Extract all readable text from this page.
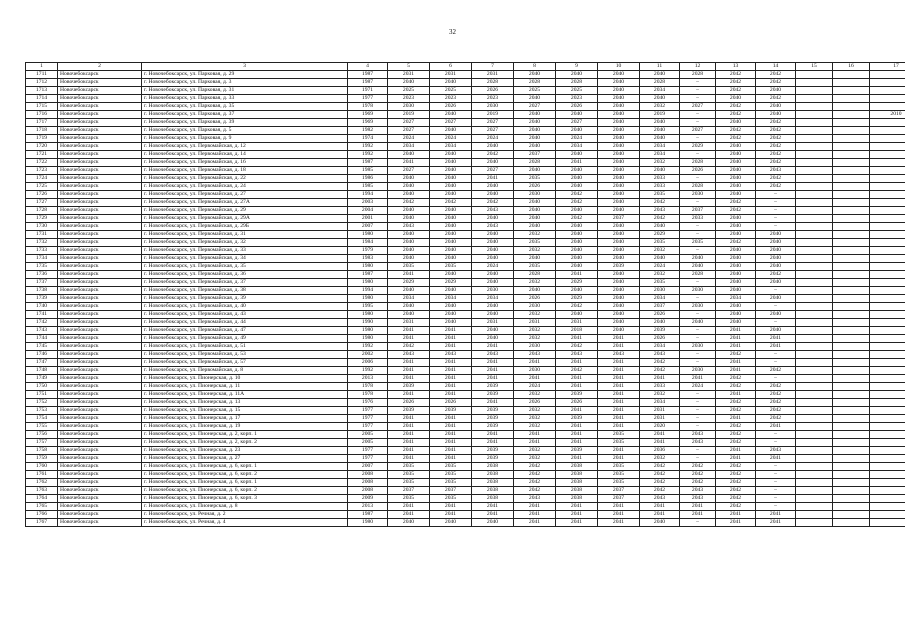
32
1	2	3	4	5	6	7	8	9	10	11	12	13	14	15	16	17
1711	Новочебоксарск	г. Новочебоксарск, ул. Парковая, д. 29	1987	2031	2031	2031	2040	2040	2040	2040	2028	2042	2042			
1712	Новочебоксарск	г. Новочебоксарск, ул. Парковая, д. 3	1987	2040	2040	2028	2028	2028	2040	2028	–	2042	2042			
1713	Новочебоксарск	г. Новочебоксарск, ул. Парковая, д. 31	1971	2025	2025	2026	2025	2025	2040	2034	–	2042	2040			
1714	Новочебоксарск	г. Новочебоксарск, ул. Парковая, д. 33	1977	2023	2023	2023	2040	2023	2040	2040	–	2040	2042			
1715	Новочебоксарск	г. Новочебоксарск, ул. Парковая, д. 35	1978	2030	2026	2030	2027	2026	2040	2032	2027	2042	2040			
1716	Новочебоксарск	г. Новочебоксарск, ул. Парковая, д. 37	1969	2019	2040	2019	2040	2040	2040	2019	–	2042	2040			2010
1717	Новочебоксарск	г. Новочебоксарск, ул. Парковая, д. 39	1969	2027	2027	2027	2040	2027	2040	2040	–	2040	2042			
1718	Новочебоксарск	г. Новочебоксарск, ул. Парковая, д. 5	1982	2027	2040	2027	2040	2040	2040	2040	2027	2042	2042			
1719	Новочебоксарск	г. Новочебоксарск, ул. Парковая, д. 9	1974	2024	2024	2024	2040	2024	2040	2040	–	2042	2042			
1720	Новочебоксарск	г. Новочебоксарск, ул. Первомайская, д. 12	1992	2034	2034	2040	2040	2034	2040	2034	2029	2040	2042			
1721	Новочебоксарск	г. Новочебоксарск, ул. Первомайская, д. 14	1992	2040	2040	2042	2037	2040	2040	2034	–	2040	2042			
1722	Новочебоксарск	г. Новочебоксарск, ул. Первомайская, д. 16	1987	2041	2040	2040	2028	2041	2040	2032	2028	2040	2042			
1723	Новочебоксарск	г. Новочебоксарск, ул. Первомайская, д. 18	1985	2027	2040	2027	2040	2040	2040	2040	2026	2040	2043			
1724	Новочебоксарск	г. Новочебоксарск, ул. Первомайская, д. 22	1986	2040	2040	2041	2035	2040	2040	2033	–	2040	2042			
1725	Новочебоксарск	г. Новочебоксарск, ул. Первомайская, д. 24	1985	2040	2040	2040	2026	2040	2040	2033	2028	2040	2042			
1726	Новочебоксарск	г. Новочебоксарск, ул. Первомайская, д. 27	1994	2040	2040	2040	2030	2042	2040	2035	2030	2040	–			
1727	Новочебоксарск	г. Новочебоксарск, ул. Первомайская, д. 27А	2003	2042	2042	2042	2040	2042	2040	2042	–	2042	–			
1728	Новочебоксарск	г. Новочебоксарск, ул. Первомайская, д. 29	2004	2040	2040	2043	2040	2040	2040	2043	2037	2042	–			
1729	Новочебоксарск	г. Новочебоксарск, ул. Первомайская, д. 29А	2001	2040	2040	2040	2040	2042	2037	2042	2033	2040	–			
1730	Новочебоксарск	г. Новочебоксарск, ул. Первомайская, д. 29Б	2007	2043	2040	2043	2040	2040	2040	2040	–	2040	–			
1731	Новочебоксарск	г. Новочебоксарск, ул. Первомайская, д. 31	1980	2040	2040	2040	2032	2040	2040	2029	–	2040	2040			
1732	Новочебоксарск	г. Новочебоксарск, ул. Первомайская, д. 32	1984	2040	2040	2040	2035	2040	2040	2035	2035	2042	2040			
1733	Новочебоксарск	г. Новочебоксарск, ул. Первомайская, д. 33	1979	2040	2040	2040	2032	2040	2040	2032	–	2040	2040			
1734	Новочебоксарск	г. Новочебоксарск, ул. Первомайская, д. 34	1983	2040	2040	2040	2040	2040	2040	2040	2040	2040	2040			
1735	Новочебоксарск	г. Новочебоксарск, ул. Первомайская, д. 35	1980	2035	2035	2024	2035	2040	2039	2024	2040	2040	2040			
1736	Новочебоксарск	г. Новочебоксарск, ул. Первомайская, д. 36	1987	2041	2040	2040	2028	2041	2040	2032	2028	2040	2042			
1737	Новочебоксарск	г. Новочебоксарск, ул. Первомайская, д. 37	1980	2029	2029	2040	2032	2029	2040	2035	–	2040	2040			
1738	Новочебоксарск	г. Новочебоксарск, ул. Первомайская, д. 38	1994	2040	2040	2030	2040	2040	2040	2030	2030	2040	–			
1739	Новочебоксарск	г. Новочебоксарск, ул. Первомайская, д. 39	1980	2034	2034	2034	2026	2029	2040	2034	–	2034	2040			
1740	Новочебоксарск	г. Новочебоксарск, ул. Первомайская, д. 40	1995	2040	2040	2040	2030	2042	2040	2037	2030	2040	–			
1741	Новочебоксарск	г. Новочебоксарск, ул. Первомайская, д. 43	1980	2040	2040	2040	2032	2040	2040	2026	–	2040	2040			
1742	Новочебоксарск	г. Новочебоксарск, ул. Первомайская, д. 44	1990	2031	2040	2031	2031	2031	2040	2040	2040	2040	–			
1743	Новочебоксарск	г. Новочебоксарск, ул. Первомайская, д. 47	1980	2041	2041	2040	2032	2018	2040	2039	–	2041	2040			
1744	Новочебоксарск	г. Новочебоксарск, ул. Первомайская, д. 49	1980	2041	2041	2040	2032	2041	2041	2026	–	2041	2041			
1745	Новочебоксарск	г. Новочебоксарск, ул. Первомайская, д. 51	1992	2042	2041	2041	2030	2042	2041	2034	2030	2041	2041			
1746	Новочебоксарск	г. Новочебоксарск, ул. Первомайская, д. 53	2002	2043	2043	2043	2043	2043	2043	2043	–	2042	–			
1747	Новочебоксарск	г. Новочебоксарск, ул. Первомайская, д. 57	2006	2041	2041	2041	2041	2041	2041	2042	–	2041	–			
1748	Новочебоксарск	г. Новочебоксарск, ул. Первомайская, д. 8	1992	2041	2041	2041	2030	2042	2041	2042	2030	2041	2042			
1749	Новочебоксарск	г. Новочебоксарск, ул. Пионерская, д. 10	2013	2041	2041	2041	2041	2041	2041	2041	2041	2042	–			
1750	Новочебоксарск	г. Новочебоксарск, ул. Пионерская, д. 11	1978	2039	2041	2039	2024	2041	2041	2033	2024	2042	2042			
1751	Новочебоксарск	г. Новочебоксарск, ул. Пионерская, д. 11А	1978	2041	2041	2039	2032	2039	2041	2032	–	2041	2042			
1752	Новочебоксарск	г. Новочебоксарск, ул. Пионерская, д. 13	1976	2026	2026	2041	2026	2026	2041	2034	–	2042	2042			
1753	Новочебоксарск	г. Новочебоксарск, ул. Пионерская, д. 15	1977	2039	2039	2039	2032	2041	2041	2031	–	2042	2042			
1754	Новочебоксарск	г. Новочебоксарск, ул. Пионерская, д. 17	1977	2041	2041	2039	2032	2039	2041	2031	–	2041	2042			
1755	Новочебоксарск	г. Новочебоксарск, ул. Пионерская, д. 19	1977	2041	2041	2039	2032	2041	2041	2020	–	2042	2041			
1756	Новочебоксарск	г. Новочебоксарск, ул. Пионерская, д. 2, корп. 1	2005	2041	2041	2041	2041	2041	2035	2041	2043	2042	–			
1757	Новочебоксарск	г. Новочебоксарск, ул. Пионерская, д. 2, корп. 2	2005	2041	2041	2041	2041	2041	2035	2041	2043	2042	–			
1758	Новочебоксарск	г. Новочебоксарск, ул. Пионерская, д. 23	1977	2041	2041	2039	2032	2039	2041	2036	–	2041	2043			
1759	Новочебоксарск	г. Новочебоксарск, ул. Пионерская, д. 27	1977	2041	2041	2039	2032	2041	2041	2032	–	2041	2041			
1760	Новочебоксарск	г. Новочебоксарск, ул. Пионерская, д. 6, корп. 1	2007	2035	2035	2038	2042	2038	2035	2042	2042	2042	–			
1761	Новочебоксарск	г. Новочебоксарск, ул. Пионерская, д. 6, корп. 2	2008	2035	2035	2038	2042	2038	2035	2042	2042	2042	–			
1762	Новочебоксарск	г. Новочебоксарск, ул. Пионерская, д. 6, корп. 1	2008	2035	2035	2038	2042	2038	2035	2042	2042	2042	–			
1763	Новочебоксарск	г. Новочебоксарск, ул. Пионерская, д. 6, корп. 2	2008	2037	2037	2038	2042	2038	2037	2042	2043	2042	–			
1764	Новочебоксарск	г. Новочебоксарск, ул. Пионерская, д. 6, корп. 3	2009	2035	2035	2038	2043	2038	2037	2043	2043	2042	–			
1765	Новочебоксарск	г. Новочебоксарск, ул. Пионерская, д. 8	2013	2041	2041	2041	2041	2041	2041	2041	2041	2042	–			
1766	Новочебоксарск	г. Новочебоксарск, ул. Речная, д. 2	1987	2041	2041	2041	2041	2041	2041	2041	2041	2041	2041			
1767	Новочебоксарск	г. Новочебоксарск, ул. Речная, д. 4	1980	2040	2040	2040	2041	2041	2041	2040	–	2041	2041			
